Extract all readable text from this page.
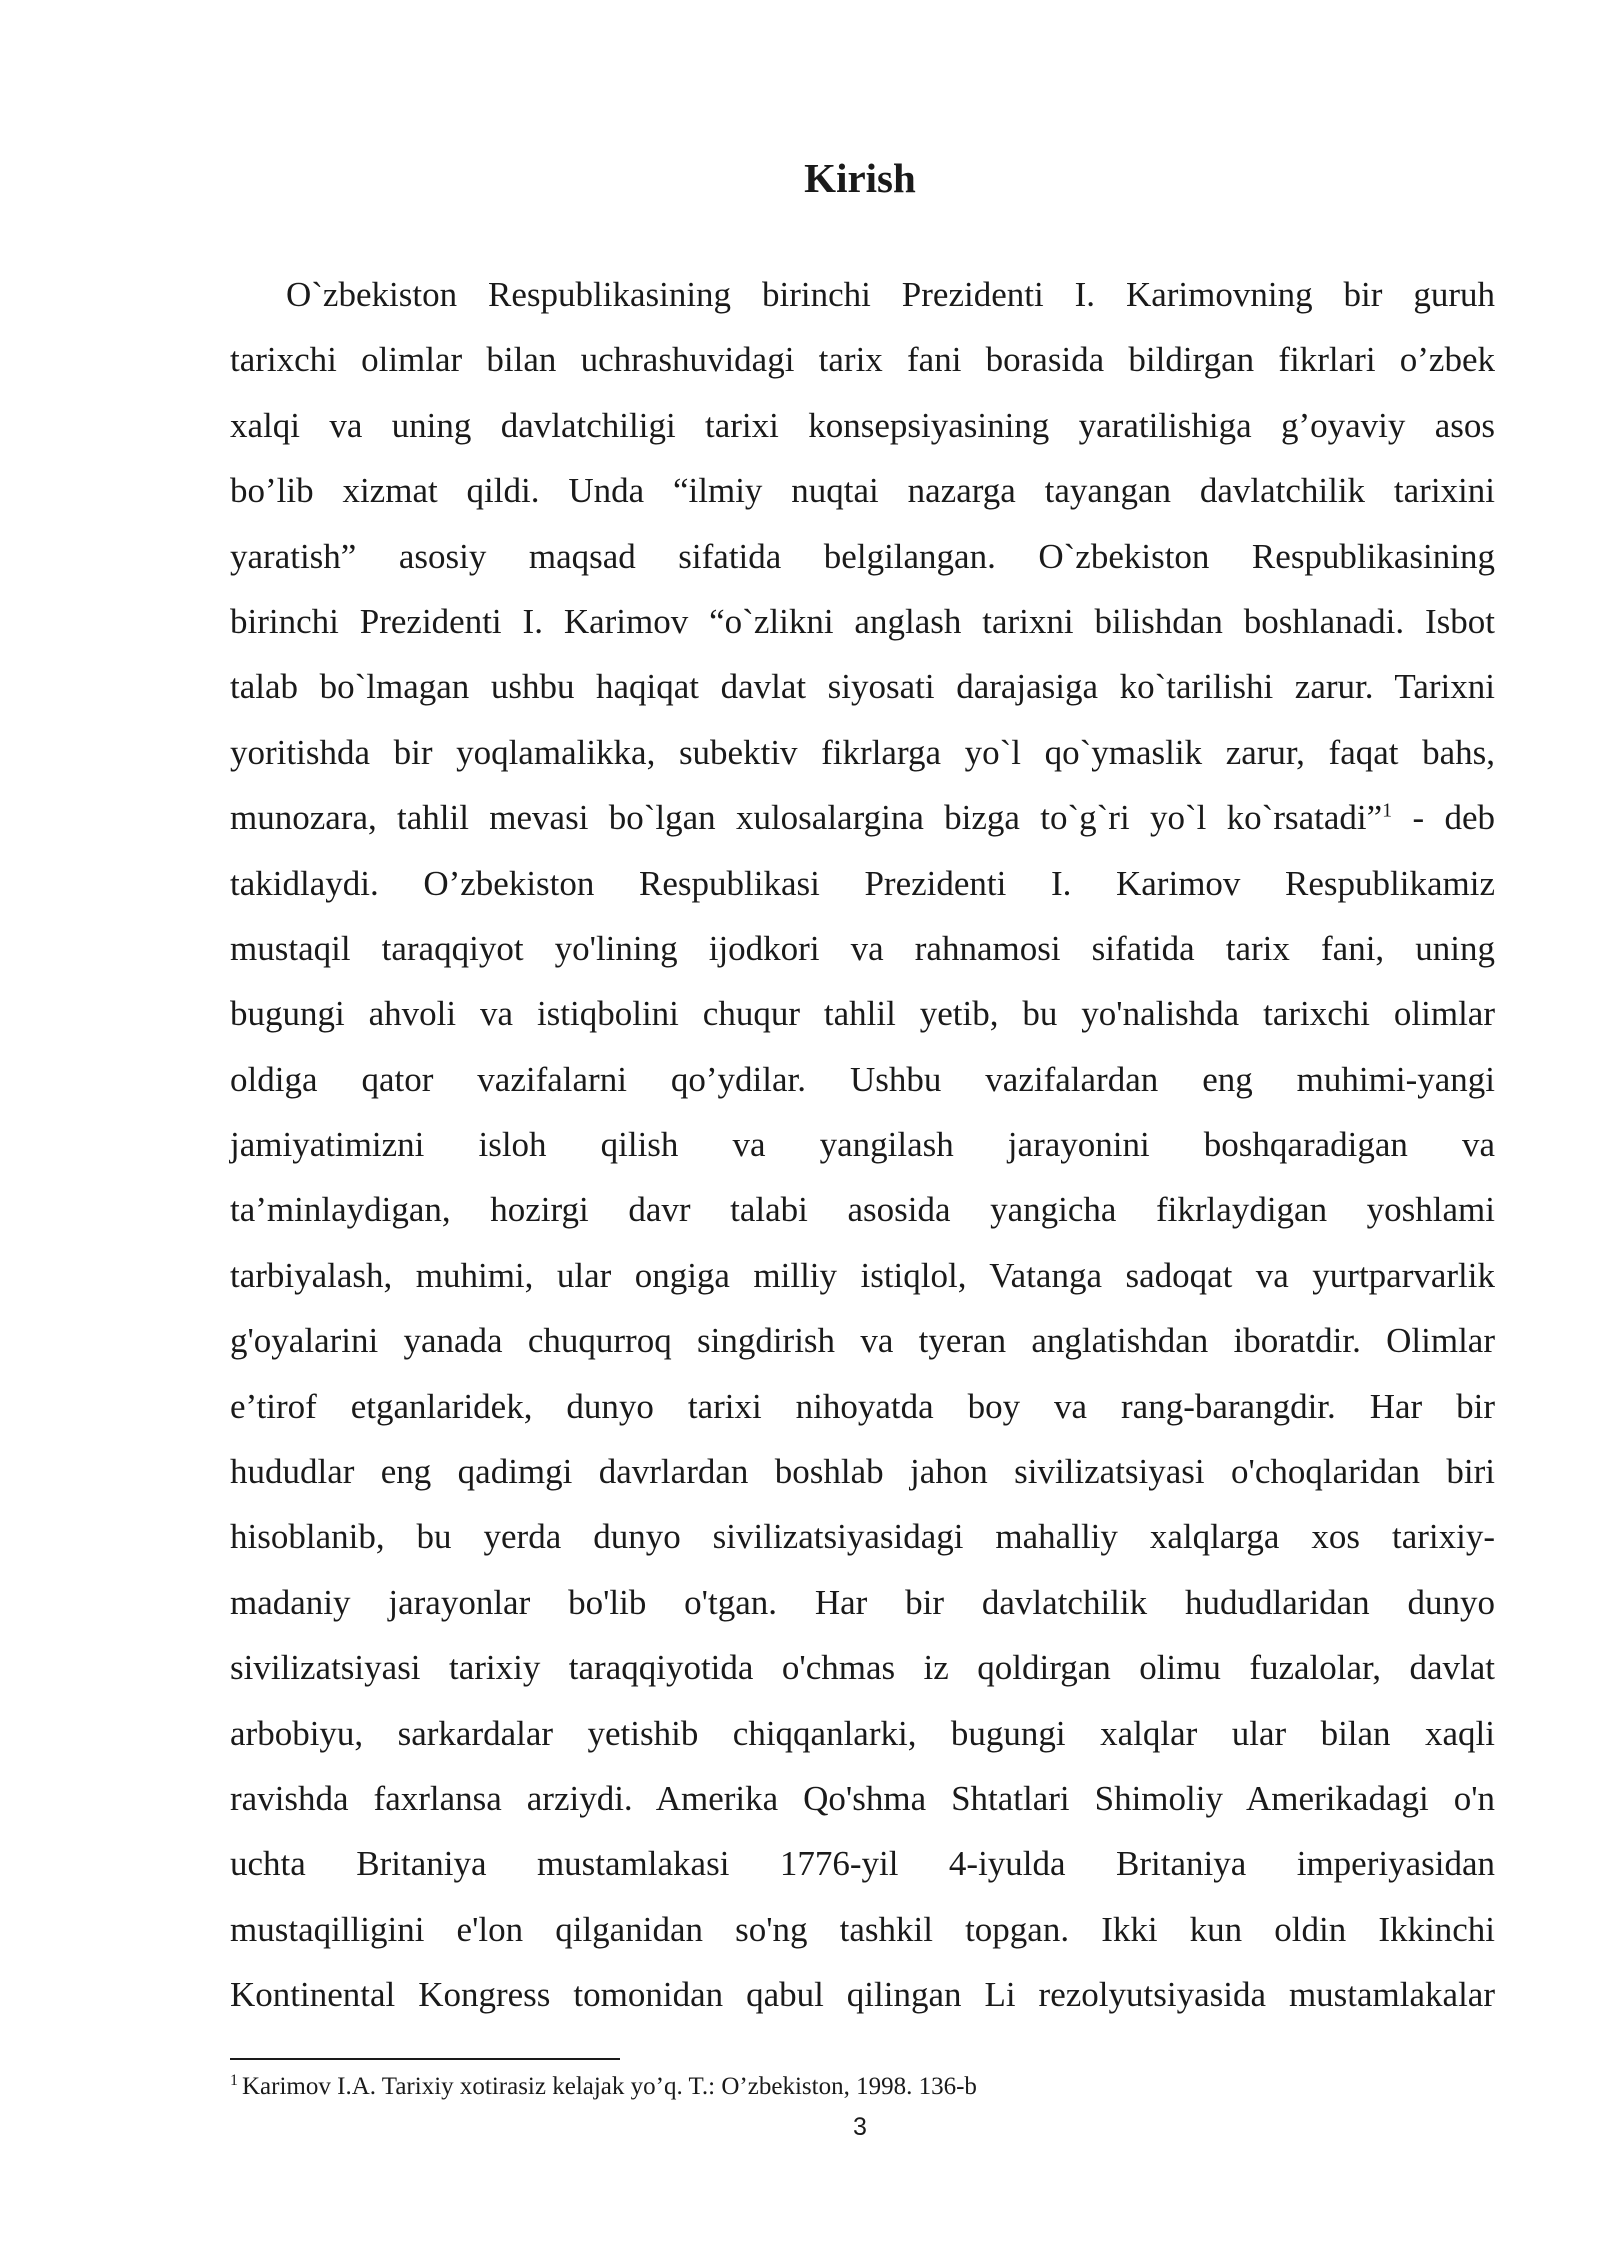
Kirish
O`zbekiston Respublikasining birinchi Prezidenti I. Karimovning bir guruh
tarixchi olimlar bilan uchrashuvidagi tarix fani borasida bildirgan fikrlari o’zbek
xalqi va uning davlatchiligi tarixi konsepsiyasining yaratilishiga g’oyaviy asos
bo’lib xizmat qildi. Unda “ilmiy nuqtai nazarga tayangan davlatchilik tarixini
yaratish” asosiy maqsad sifatida belgilangan. O`zbekiston Respublikasining
birinchi Prezidenti I. Karimov “o`zlikni anglash tarixni bilishdan boshlanadi. Isbot
talab bo`lmagan ushbu haqiqat davlat siyosati darajasiga ko`tarilishi zarur. Tarixni
yoritishda bir yoqlamalikka, subektiv fikrlarga yo`l qo`ymaslik zarur, faqat bahs,
munozara, tahlil mevasi bo`lgan xulosalargina bizga to`g`ri yo`l ko`rsatadi”$^1$ - deb
takidlaydi. O’zbekiston Respublikasi Prezidenti I. Karimov Respublikamiz
mustaqil taraqqiyot yo'lining ijodkori va rahnamosi sifatida tarix fani, uning
bugungi ahvoli va istiqbolini chuqur tahlil yetib, bu yo'nalishda tarixchi olimlar
oldiga qator vazifalarni qo’ydilar. Ushbu vazifalardan eng muhimi-yangi
jamiyatimizni isloh qilish va yangilash jarayonini boshqaradigan va
ta’minlaydigan, hozirgi davr talabi asosida yangicha fikrlaydigan yoshlami
tarbiyalash, muhimi, ular ongiga milliy istiqlol, Vatanga sadoqat va yurtparvarlik
g'oyalarini yanada chuqurroq singdirish va tyeran anglatishdan iboratdir. Olimlar
e’tirof etganlaridek, dunyo tarixi nihoyatda boy va rang-barangdir. Har bir
hududlar eng qadimgi davrlardan boshlab jahon sivilizatsiyasi o'choqlaridan biri
hisoblanib, bu yerda dunyo sivilizatsiyasidagi mahalliy xalqlarga xos tarixiy-
madaniy jarayonlar bo'lib o'tgan. Har bir davlatchilik hududlaridan dunyo
sivilizatsiyasi tarixiy taraqqiyotida o'chmas iz qoldirgan olimu fuzalolar, davlat
arbobiyu, sarkardalar yetishib chiqqanlarki, bugungi xalqlar ular bilan xaqli
ravishda faxrlansa arziydi. Amerika Qo'shma Shtatlari Shimoliy Amerikadagi o'n
uchta Britaniya mustamlakasi 1776-yil 4-iyulda Britaniya imperiyasidan
mustaqilligini e'lon qilganidan so'ng tashkil topgan. Ikki kun oldin Ikkinchi
Kontinental Kongress tomonidan qabul qilingan Li rezolyutsiyasida mustamlakalar
$^1$ Karimov I.A. Tarixiy xotirasiz kelajak yo’q. T.: O’zbekiston, 1998. 136-b
3
